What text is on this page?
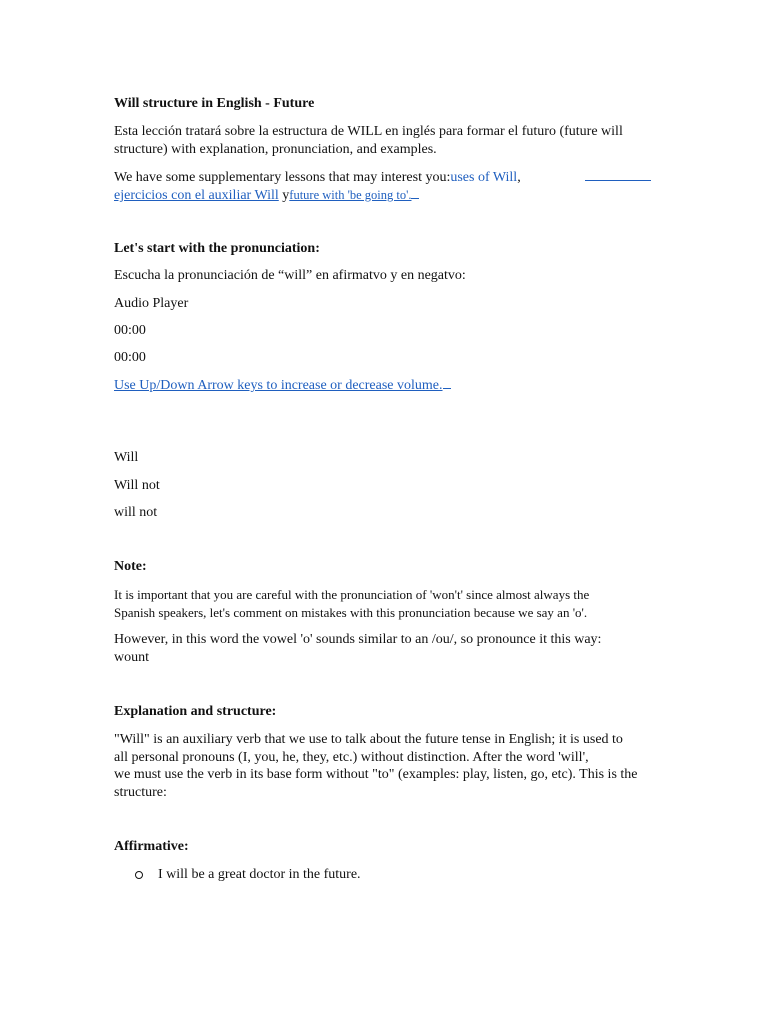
Will structure in English - Future

Esta lección tratará sobre la estructura de WILL en inglés para formar el futuro (future will

structure) with explanation, pronunciation, and examples.

We have some supplementary lessons that may interest you:uses of Will,

ejercicios con el auxiliar Will yfuture with 'be going to'.

Let's start with the pronunciation:

Escucha la pronunciación de “will” en afirmatvo y en negatvo:

Audio Player

00:00

00:00

Use Up/Down Arrow keys to increase or decrease volume.

Will

Will not

will not

Note:

It is important that you are careful with the pronunciation of 'won't' since almost always the

Spanish speakers, let's comment on mistakes with this pronunciation because we say an 'o'.

However, in this word the vowel 'o' sounds similar to an /ou/, so pronounce it this way:

wount

Explanation and structure:

"Will" is an auxiliary verb that we use to talk about the future tense in English; it is used to

all personal pronouns (I, you, he, they, etc.) without distinction. After the word 'will',

we must use the verb in its base form without "to" (examples: play, listen, go, etc). This is the

structure:

Affirmative:

I will be a great doctor in the future.
